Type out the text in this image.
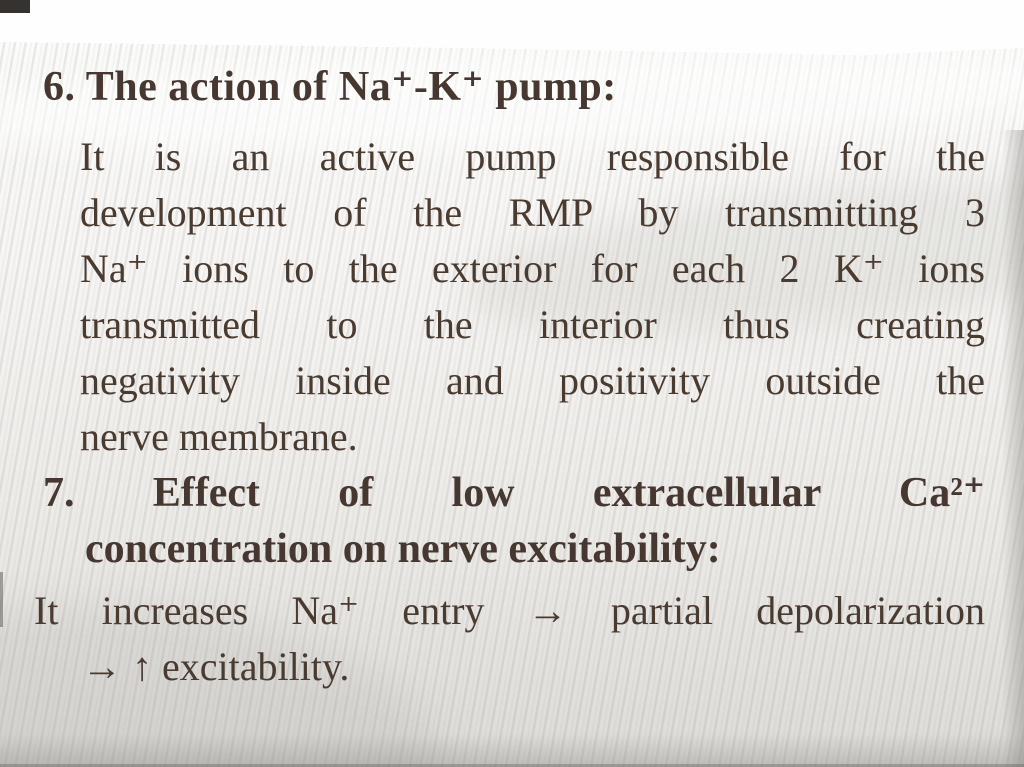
6. The action of Na⁺-K⁺ pump:
It is an active pump responsible for the
development of the RMP by transmitting 3
Na⁺ ions to the exterior for each 2 K⁺ ions
transmitted to the interior thus creating
negativity inside and positivity outside the
nerve membrane.
7. Effect of low extracellular Ca²⁺
concentration on nerve excitability:
It increases Na⁺ entry → partial depolarization
→ ↑ excitability.
